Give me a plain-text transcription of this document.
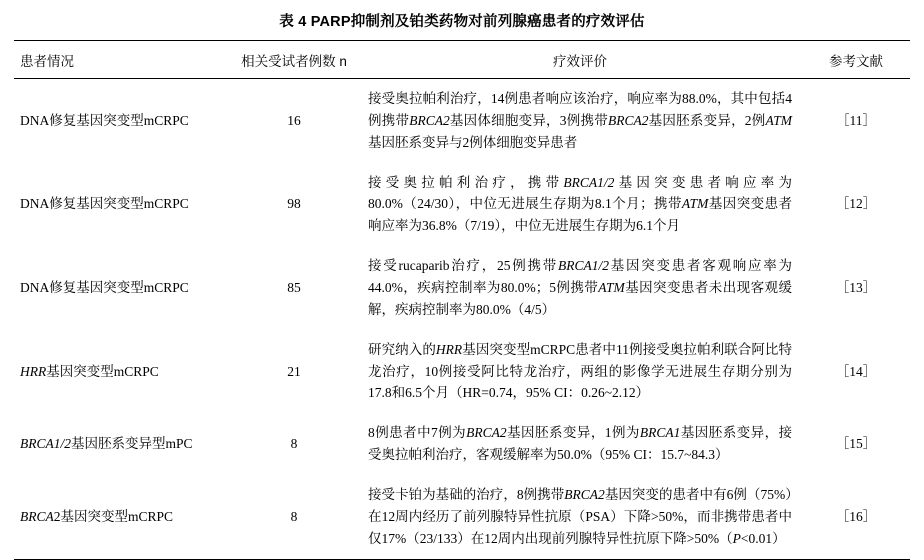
表 4 PARP抑制剂及铂类药物对前列腺癌患者的疗效评估
患者情况	相关受试者例数 n	疗效评价	参考文献
DNA修复基因突变型mCRPC	16	接受奥拉帕利治疗，14例患者响应该治疗，响应率为88.0%，其中包括4例携带BRCA2基因体细胞变异，3例携带BRCA2基因胚系变异，2例ATM基因胚系变异与2例体细胞变异患者	［11］
DNA修复基因突变型mCRPC	98	接受奥拉帕利治疗，携带BRCA1/2基因突变患者响应率为80.0%（24/30），中位无进展生存期为8.1个月；携带ATM基因突变患者响应率为36.8%（7/19），中位无进展生存期为6.1个月	［12］
DNA修复基因突变型mCRPC	85	接受rucaparib治疗，25例携带BRCA1/2基因突变患者客观响应率为44.0%，疾病控制率为80.0%；5例携带ATM基因突变患者未出现客观缓解，疾病控制率为80.0%（4/5）	［13］
HRR基因突变型mCRPC	21	研究纳入的HRR基因突变型mCRPC患者中11例接受奥拉帕利联合阿比特龙治疗，10例接受阿比特龙治疗，两组的影像学无进展生存期分别为17.8和6.5个月（HR=0.74，95% CI：0.26~2.12）	［14］
BRCA1/2基因胚系变异型mPC	8	8例患者中7例为BRCA2基因胚系变异，1例为BRCA1基因胚系变异，接受奥拉帕利治疗，客观缓解率为50.0%（95% CI：15.7~84.3）	［15］
BRCA2基因突变型mCRPC	8	接受卡铂为基础的治疗，8例携带BRCA2基因突变的患者中有6例（75%）在12周内经历了前列腺特异性抗原（PSA）下降>50%，而非携带患者中仅17%（23/133）在12周内出现前列腺特异性抗原下降>50%（P<0.01）	［16］
